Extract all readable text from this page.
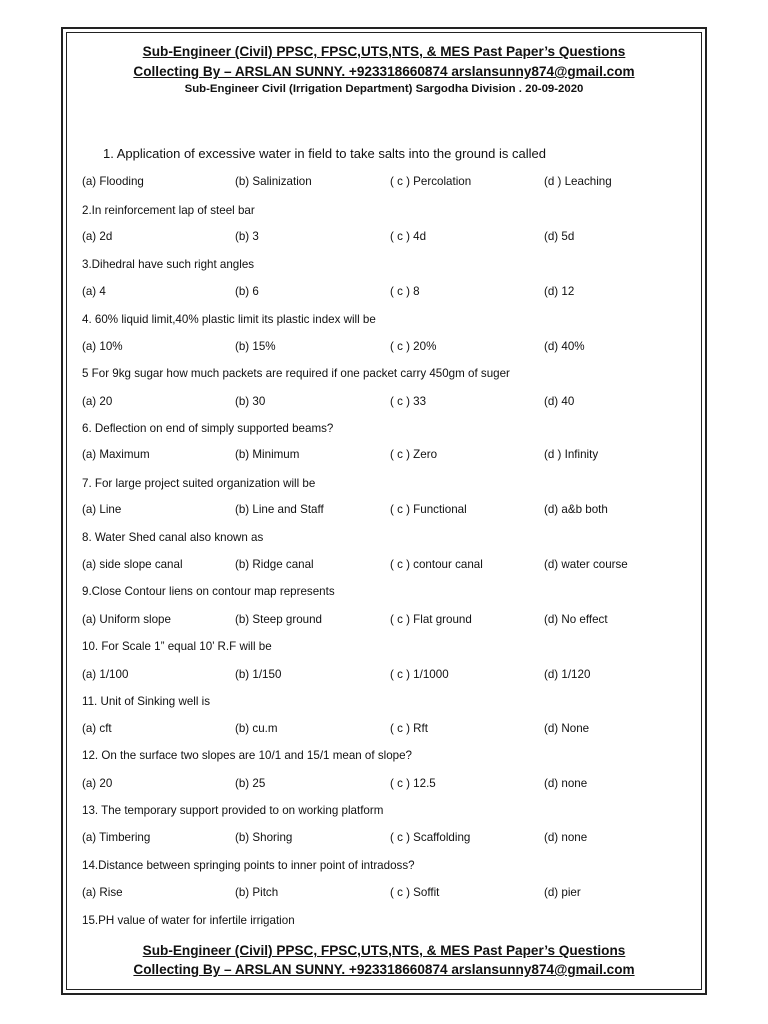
Sub-Engineer (Civil) PPSC, FPSC,UTS,NTS, & MES Past Paper’s Questions
Collecting By – ARSLAN SUNNY. +923318660874 arslansunny874@gmail.com
Sub-Engineer Civil (Irrigation Department) Sargodha Division . 20-09-2020
1. Application of excessive water in field to take salts into the ground is called
(a) Flooding	(b) Salinization	( c ) Percolation	(d ) Leaching
2.In reinforcement lap of steel bar
(a) 2d	(b) 3	( c ) 4d	(d) 5d
3.Dihedral have such right angles
(a) 4	(b) 6	( c ) 8	(d) 12
4. 60% liquid limit,40% plastic limit its plastic index will be
(a) 10%	(b) 15%	( c ) 20%	(d) 40%
5 For 9kg sugar how much packets are required if one packet carry 450gm of suger
(a) 20	(b) 30	( c ) 33	(d) 40
6. Deflection on end of simply supported beams?
(a) Maximum	(b) Minimum	( c ) Zero	(d ) Infinity
7. For large project suited organization will be
(a) Line	(b) Line and Staff	( c ) Functional	(d) a&b both
8. Water Shed canal also known as
(a) side slope canal	(b) Ridge canal	( c ) contour canal	(d) water course
9.Close Contour liens on contour map represents
(a) Uniform slope	(b) Steep ground	( c ) Flat ground	(d) No effect
10. For Scale 1” equal 10’ R.F will be
(a) 1/100	(b) 1/150	( c ) 1/1000	(d) 1/120
11. Unit of Sinking well is
(a) cft	(b) cu.m	( c ) Rft	(d) None
12. On the surface two slopes are 10/1 and 15/1 mean of slope?
(a) 20	(b) 25	( c ) 12.5	(d) none
13. The temporary support provided to on working platform
(a) Timbering	(b) Shoring	( c ) Scaffolding	(d) none
14.Distance between springing points to inner point of intradoss?
(a) Rise	(b) Pitch	( c ) Soffit	(d) pier
15.PH value of water for infertile irrigation
Sub-Engineer (Civil) PPSC, FPSC,UTS,NTS, & MES Past Paper’s Questions
Collecting By – ARSLAN SUNNY. +923318660874 arslansunny874@gmail.com
